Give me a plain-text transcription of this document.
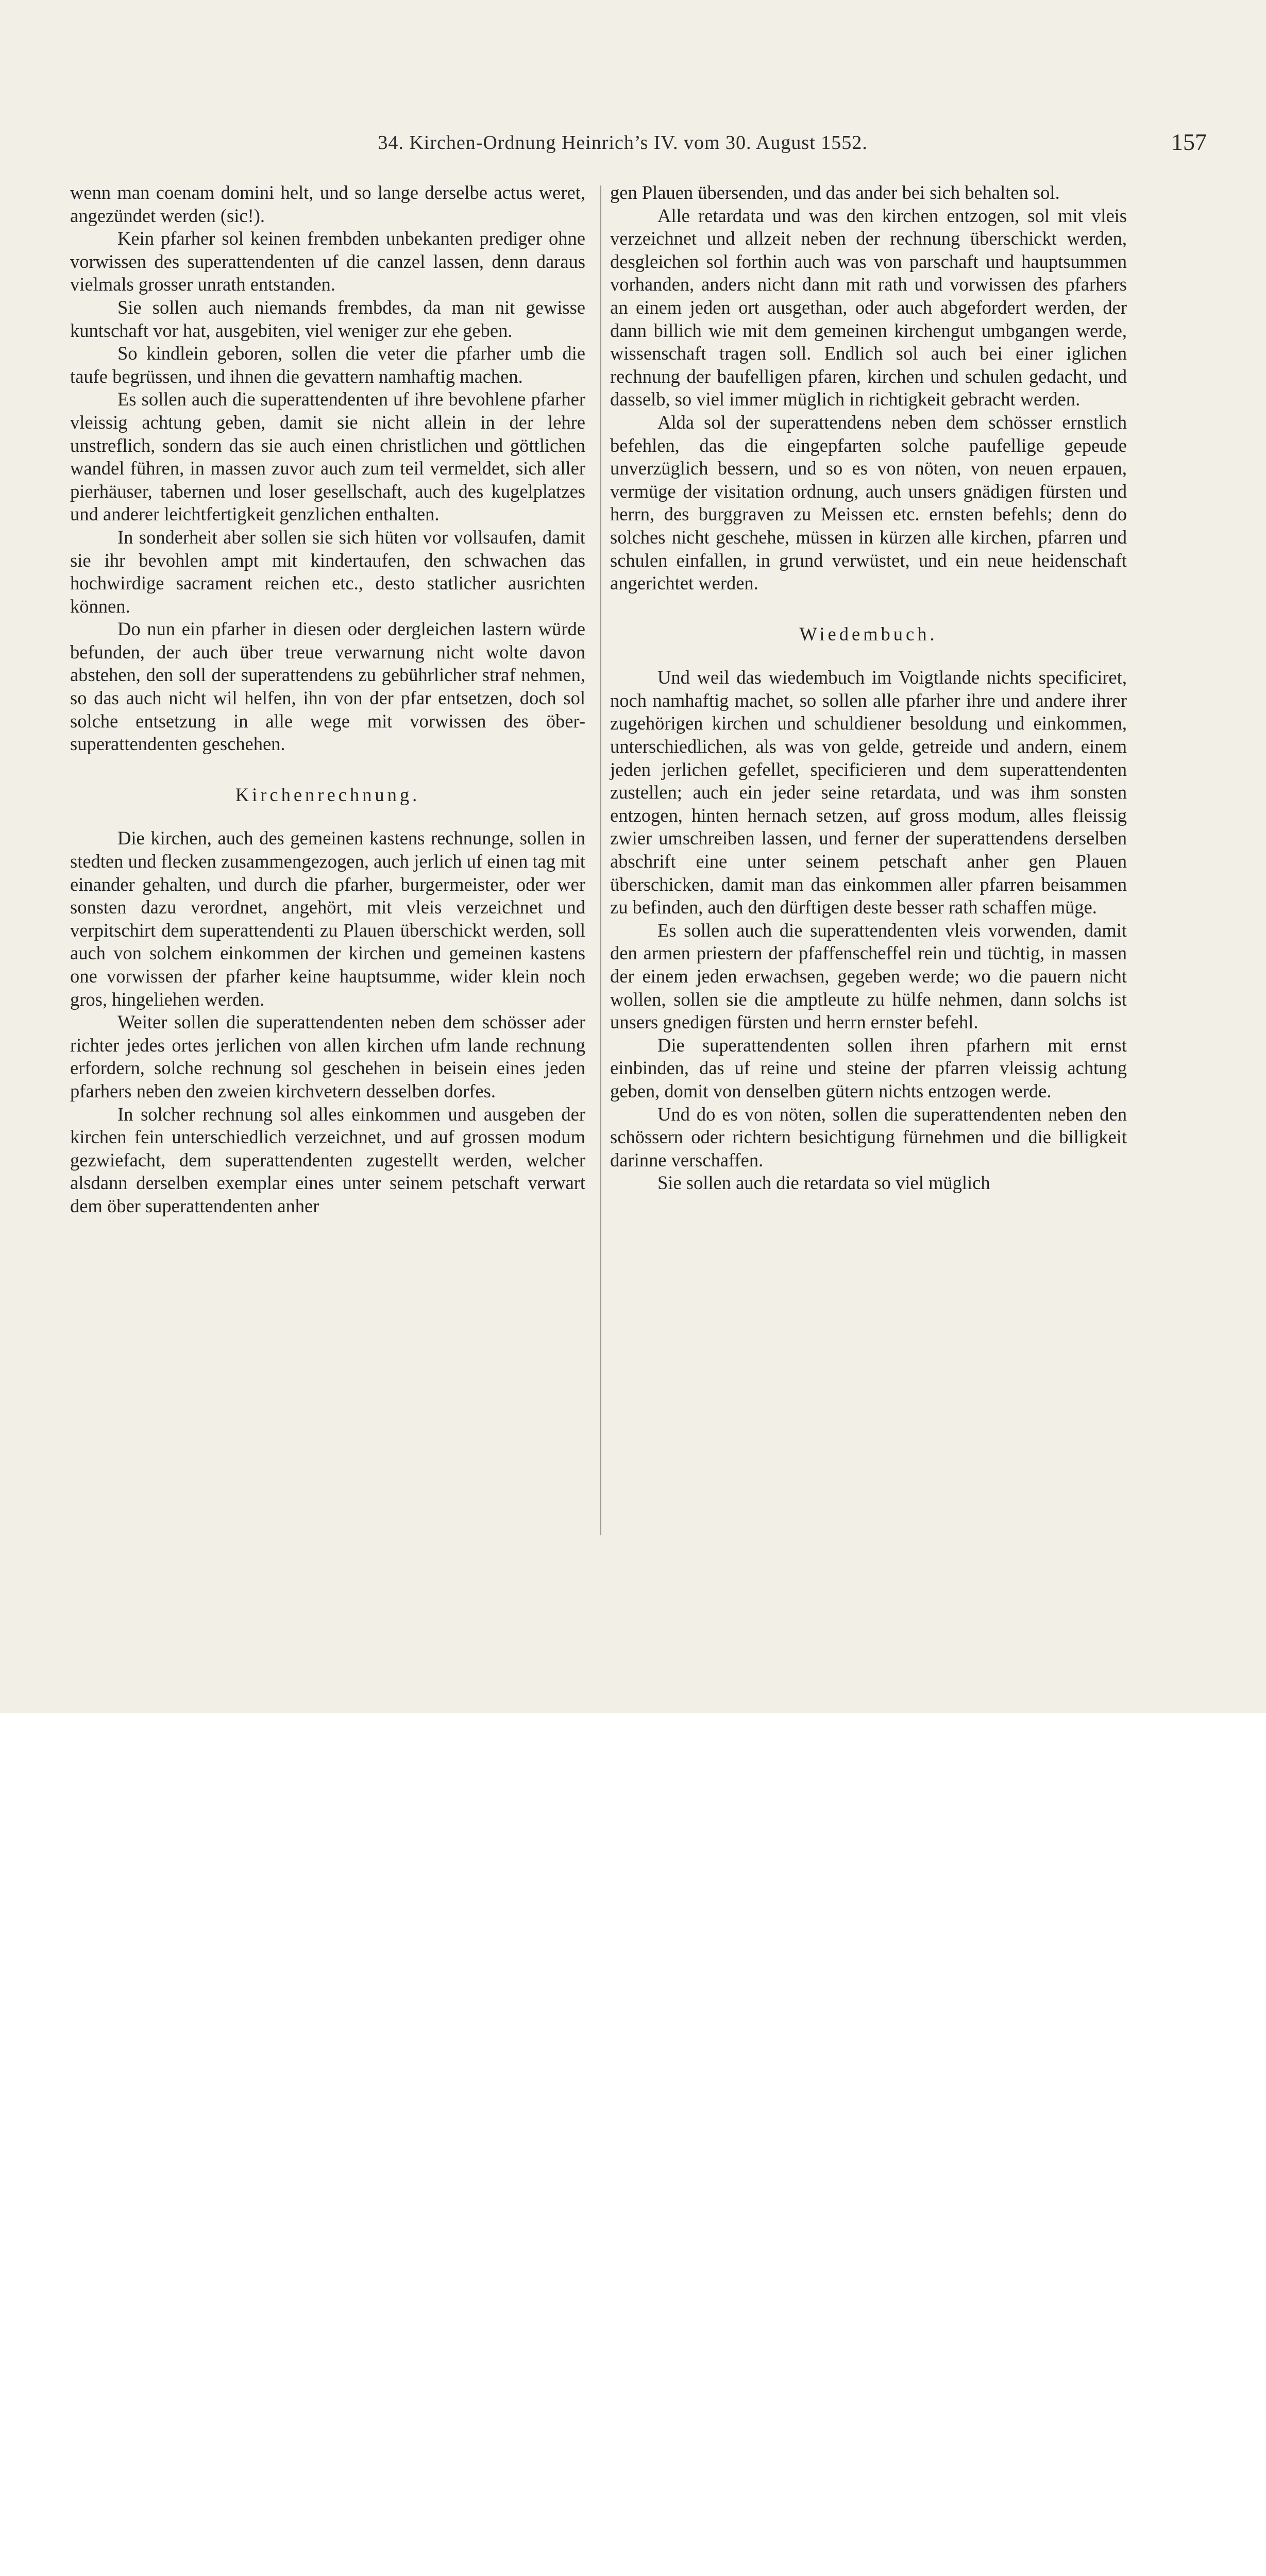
34. Kirchen-Ordnung Heinrich’s IV. vom 30. August 1552.	157

wenn man coenam domini helt, und so lange derselbe actus weret, angezündet werden (sic!).

Kein pfarher sol keinen frembden unbekanten prediger ohne vorwissen des superattendenten uf die canzel lassen, denn daraus vielmals grosser unrath entstanden.

Sie sollen auch niemands frembdes, da man nit gewisse kuntschaft vor hat, ausgebiten, viel weniger zur ehe geben.

So kindlein geboren, sollen die veter die pfarher umb die taufe begrüssen, und ihnen die gevattern namhaftig machen.

Es sollen auch die superattendenten uf ihre bevohlene pfarher vleissig achtung geben, damit sie nicht allein in der lehre unstreflich, sondern das sie auch einen christlichen und göttlichen wandel führen, in massen zuvor auch zum teil vermeldet, sich aller pierhäuser, tabernen und loser gesellschaft, auch des kugelplatzes und anderer leichtfertigkeit genzlichen enthalten.

In sonderheit aber sollen sie sich hüten vor vollsaufen, damit sie ihr bevohlen ampt mit kindertaufen, den schwachen das hochwirdige sacrament reichen etc., desto statlicher ausrichten können.

Do nun ein pfarher in diesen oder dergleichen lastern würde befunden, der auch über treue verwarnung nicht wolte davon abstehen, den soll der superattendens zu gebührlicher straf nehmen, so das auch nicht wil helfen, ihn von der pfar entsetzen, doch sol solche entsetzung in alle wege mit vorwissen des öber-superattendenten geschehen.

Kirchenrechnung.

Die kirchen, auch des gemeinen kastens rechnunge, sollen in stedten und flecken zusammengezogen, auch jerlich uf einen tag mit einander gehalten, und durch die pfarher, burgermeister, oder wer sonsten dazu verordnet, angehört, mit vleis verzeichnet und verpitschirt dem superattendenti zu Plauen überschickt werden, soll auch von solchem einkommen der kirchen und gemeinen kastens one vorwissen der pfarher keine hauptsumme, wider klein noch gros, hingeliehen werden.

Weiter sollen die superattendenten neben dem schösser ader richter jedes ortes jerlichen von allen kirchen ufm lande rechnung erfordern, solche rechnung sol geschehen in beisein eines jeden pfarhers neben den zweien kirchvetern desselben dorfes.

In solcher rechnung sol alles einkommen und ausgeben der kirchen fein unterschiedlich verzeichnet, und auf grossen modum gezwiefacht, dem superattendenten zugestellt werden, welcher alsdann derselben exemplar eines unter seinem petschaft verwart dem öber superattendenten anher

gen Plauen übersenden, und das ander bei sich behalten sol.

Alle retardata und was den kirchen entzogen, sol mit vleis verzeichnet und allzeit neben der rechnung überschickt werden, desgleichen sol forthin auch was von parschaft und hauptsummen vorhanden, anders nicht dann mit rath und vorwissen des pfarhers an einem jeden ort ausgethan, oder auch abgefordert werden, der dann billich wie mit dem gemeinen kirchengut umbgangen werde, wissenschaft tragen soll. Endlich sol auch bei einer iglichen rechnung der baufelligen pfaren, kirchen und schulen gedacht, und dasselb, so viel immer müglich in richtigkeit gebracht werden.

Alda sol der superattendens neben dem schösser ernstlich befehlen, das die eingepfarten solche paufellige gepeude unverzüglich bessern, und so es von nöten, von neuen erpauen, vermüge der visitation ordnung, auch unsers gnädigen fürsten und herrn, des burggraven zu Meissen etc. ernsten befehls; denn do solches nicht geschehe, müssen in kürzen alle kirchen, pfarren und schulen einfallen, in grund verwüstet, und ein neue heidenschaft angerichtet werden.

Wiedembuch.

Und weil das wiedembuch im Voigtlande nichts specificiret, noch namhaftig machet, so sollen alle pfarher ihre und andere ihrer zugehörigen kirchen und schuldiener besoldung und einkommen, unterschiedlichen, als was von gelde, getreide und andern, einem jeden jerlichen gefellet, specificieren und dem superattendenten zustellen; auch ein jeder seine retardata, und was ihm sonsten entzogen, hinten hernach setzen, auf gross modum, alles fleissig zwier umschreiben lassen, und ferner der superattendens derselben abschrift eine unter seinem petschaft anher gen Plauen überschicken, damit man das einkommen aller pfarren beisammen zu befinden, auch den dürftigen deste besser rath schaffen müge.

Es sollen auch die superattendenten vleis vorwenden, damit den armen priestern der pfaffenscheffel rein und tüchtig, in massen der einem jeden erwachsen, gegeben werde; wo die pauern nicht wollen, sollen sie die amptleute zu hülfe nehmen, dann solchs ist unsers gnedigen fürsten und herrn ernster befehl.

Die superattendenten sollen ihren pfarhern mit ernst einbinden, das uf reine und steine der pfarren vleissig achtung geben, domit von denselben gütern nichts entzogen werde.

Und do es von nöten, sollen die superattendenten neben den schössern oder richtern besichtigung fürnehmen und die billigkeit darinne verschaffen.

Sie sollen auch die retardata so viel müglich
